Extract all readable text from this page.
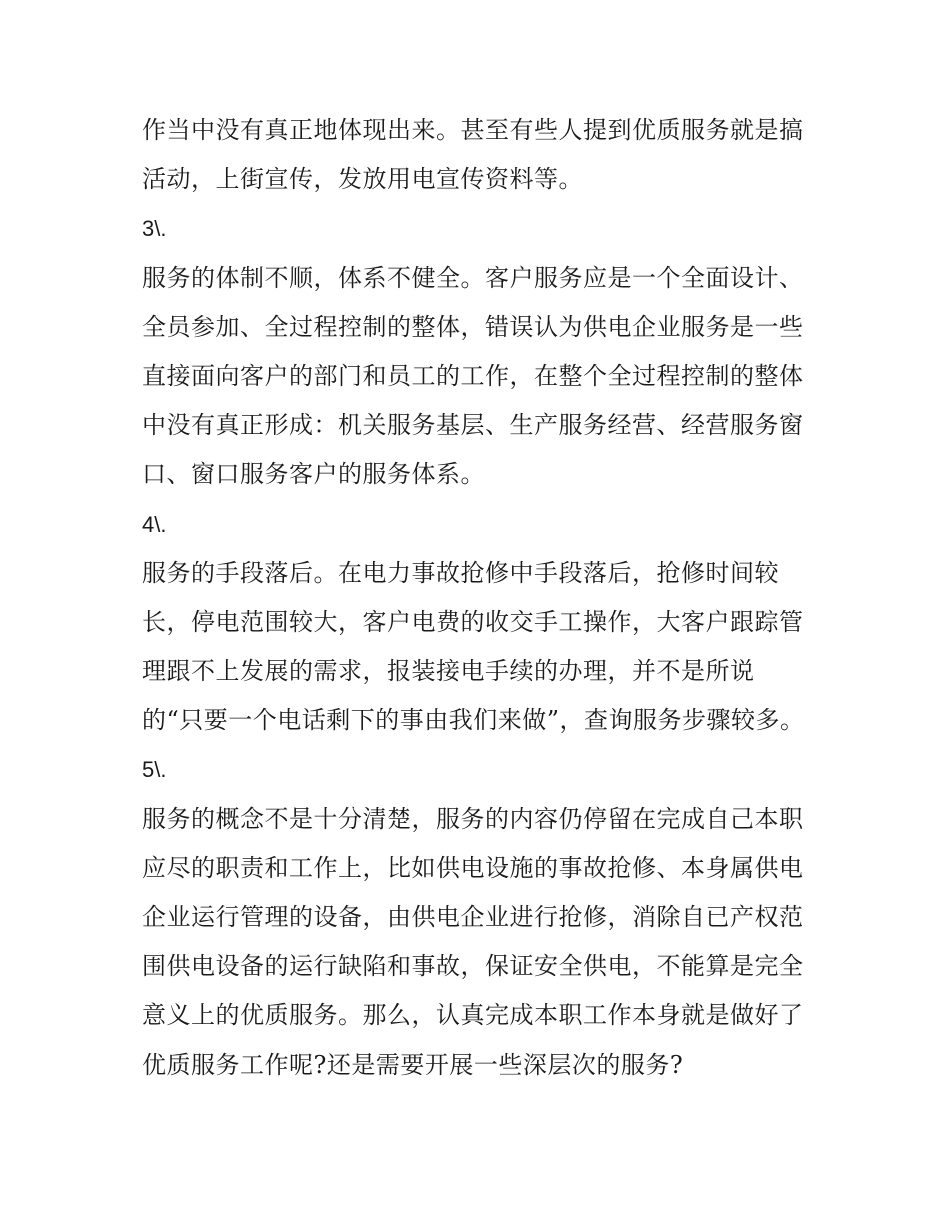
作当中没有真正地体现出来。甚至有些人提到优质服务就是搞
活动，上街宣传，发放用电宣传资料等。
3\.
服务的体制不顺，体系不健全。客户服务应是一个全面设计、
全员参加、全过程控制的整体，错误认为供电企业服务是一些
直接面向客户的部门和员工的工作，在整个全过程控制的整体
中没有真正形成：机关服务基层、生产服务经营、经营服务窗
口、窗口服务客户的服务体系。
4\.
服务的手段落后。在电力事故抢修中手段落后，抢修时间较
长，停电范围较大，客户电费的收交手工操作，大客户跟踪管
理跟不上发展的需求，报装接电手续的办理，并不是所说
的“只要一个电话剩下的事由我们来做”，查询服务步骤较多。
5\.
服务的概念不是十分清楚，服务的内容仍停留在完成自己本职
应尽的职责和工作上，比如供电设施的事故抢修、本身属供电
企业运行管理的设备，由供电企业进行抢修，消除自已产权范
围供电设备的运行缺陷和事故，保证安全供电，不能算是完全
意义上的优质服务。那么，认真完成本职工作本身就是做好了
优质服务工作呢?还是需要开展一些深层次的服务?
